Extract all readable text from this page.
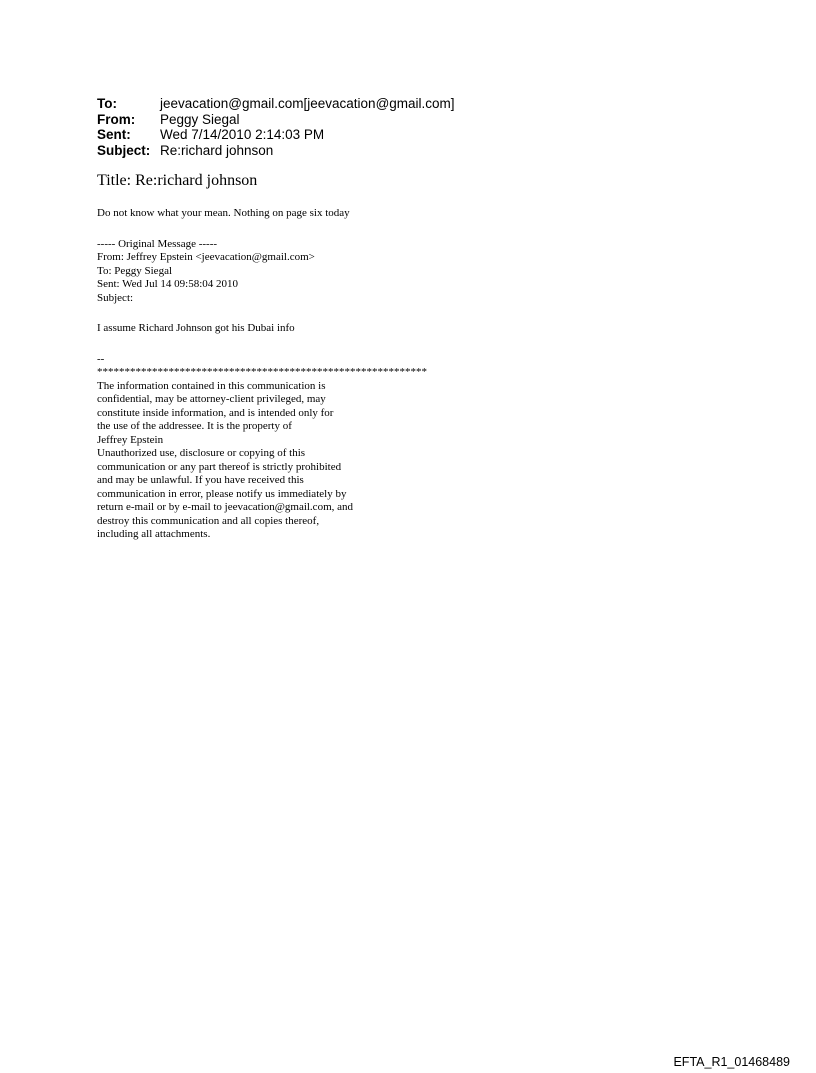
To:	jeevacation@gmail.com[jeevacation@gmail.com]
From:	Peggy Siegal
Sent:	Wed 7/14/2010 2:14:03 PM
Subject: Re:richard johnson
Title: Re:richard johnson
Do not know what your mean. Nothing on page six today
----- Original Message -----
From: Jeffrey Epstein <jeevacation@gmail.com>
To: Peggy Siegal
Sent: Wed Jul 14 09:58:04 2010
Subject:
I assume Richard Johnson got his Dubai info
--
************************************************************
The information contained in this communication is
confidential, may be attorney-client privileged, may
constitute inside information, and is intended only for
the use of the addressee. It is the property of
Jeffrey Epstein
Unauthorized use, disclosure or copying of this
communication or any part thereof is strictly prohibited
and may be unlawful. If you have received this
communication in error, please notify us immediately by
return e-mail or by e-mail to jeevacation@gmail.com, and
destroy this communication and all copies thereof,
including all attachments.
EFTA_R1_01468489
